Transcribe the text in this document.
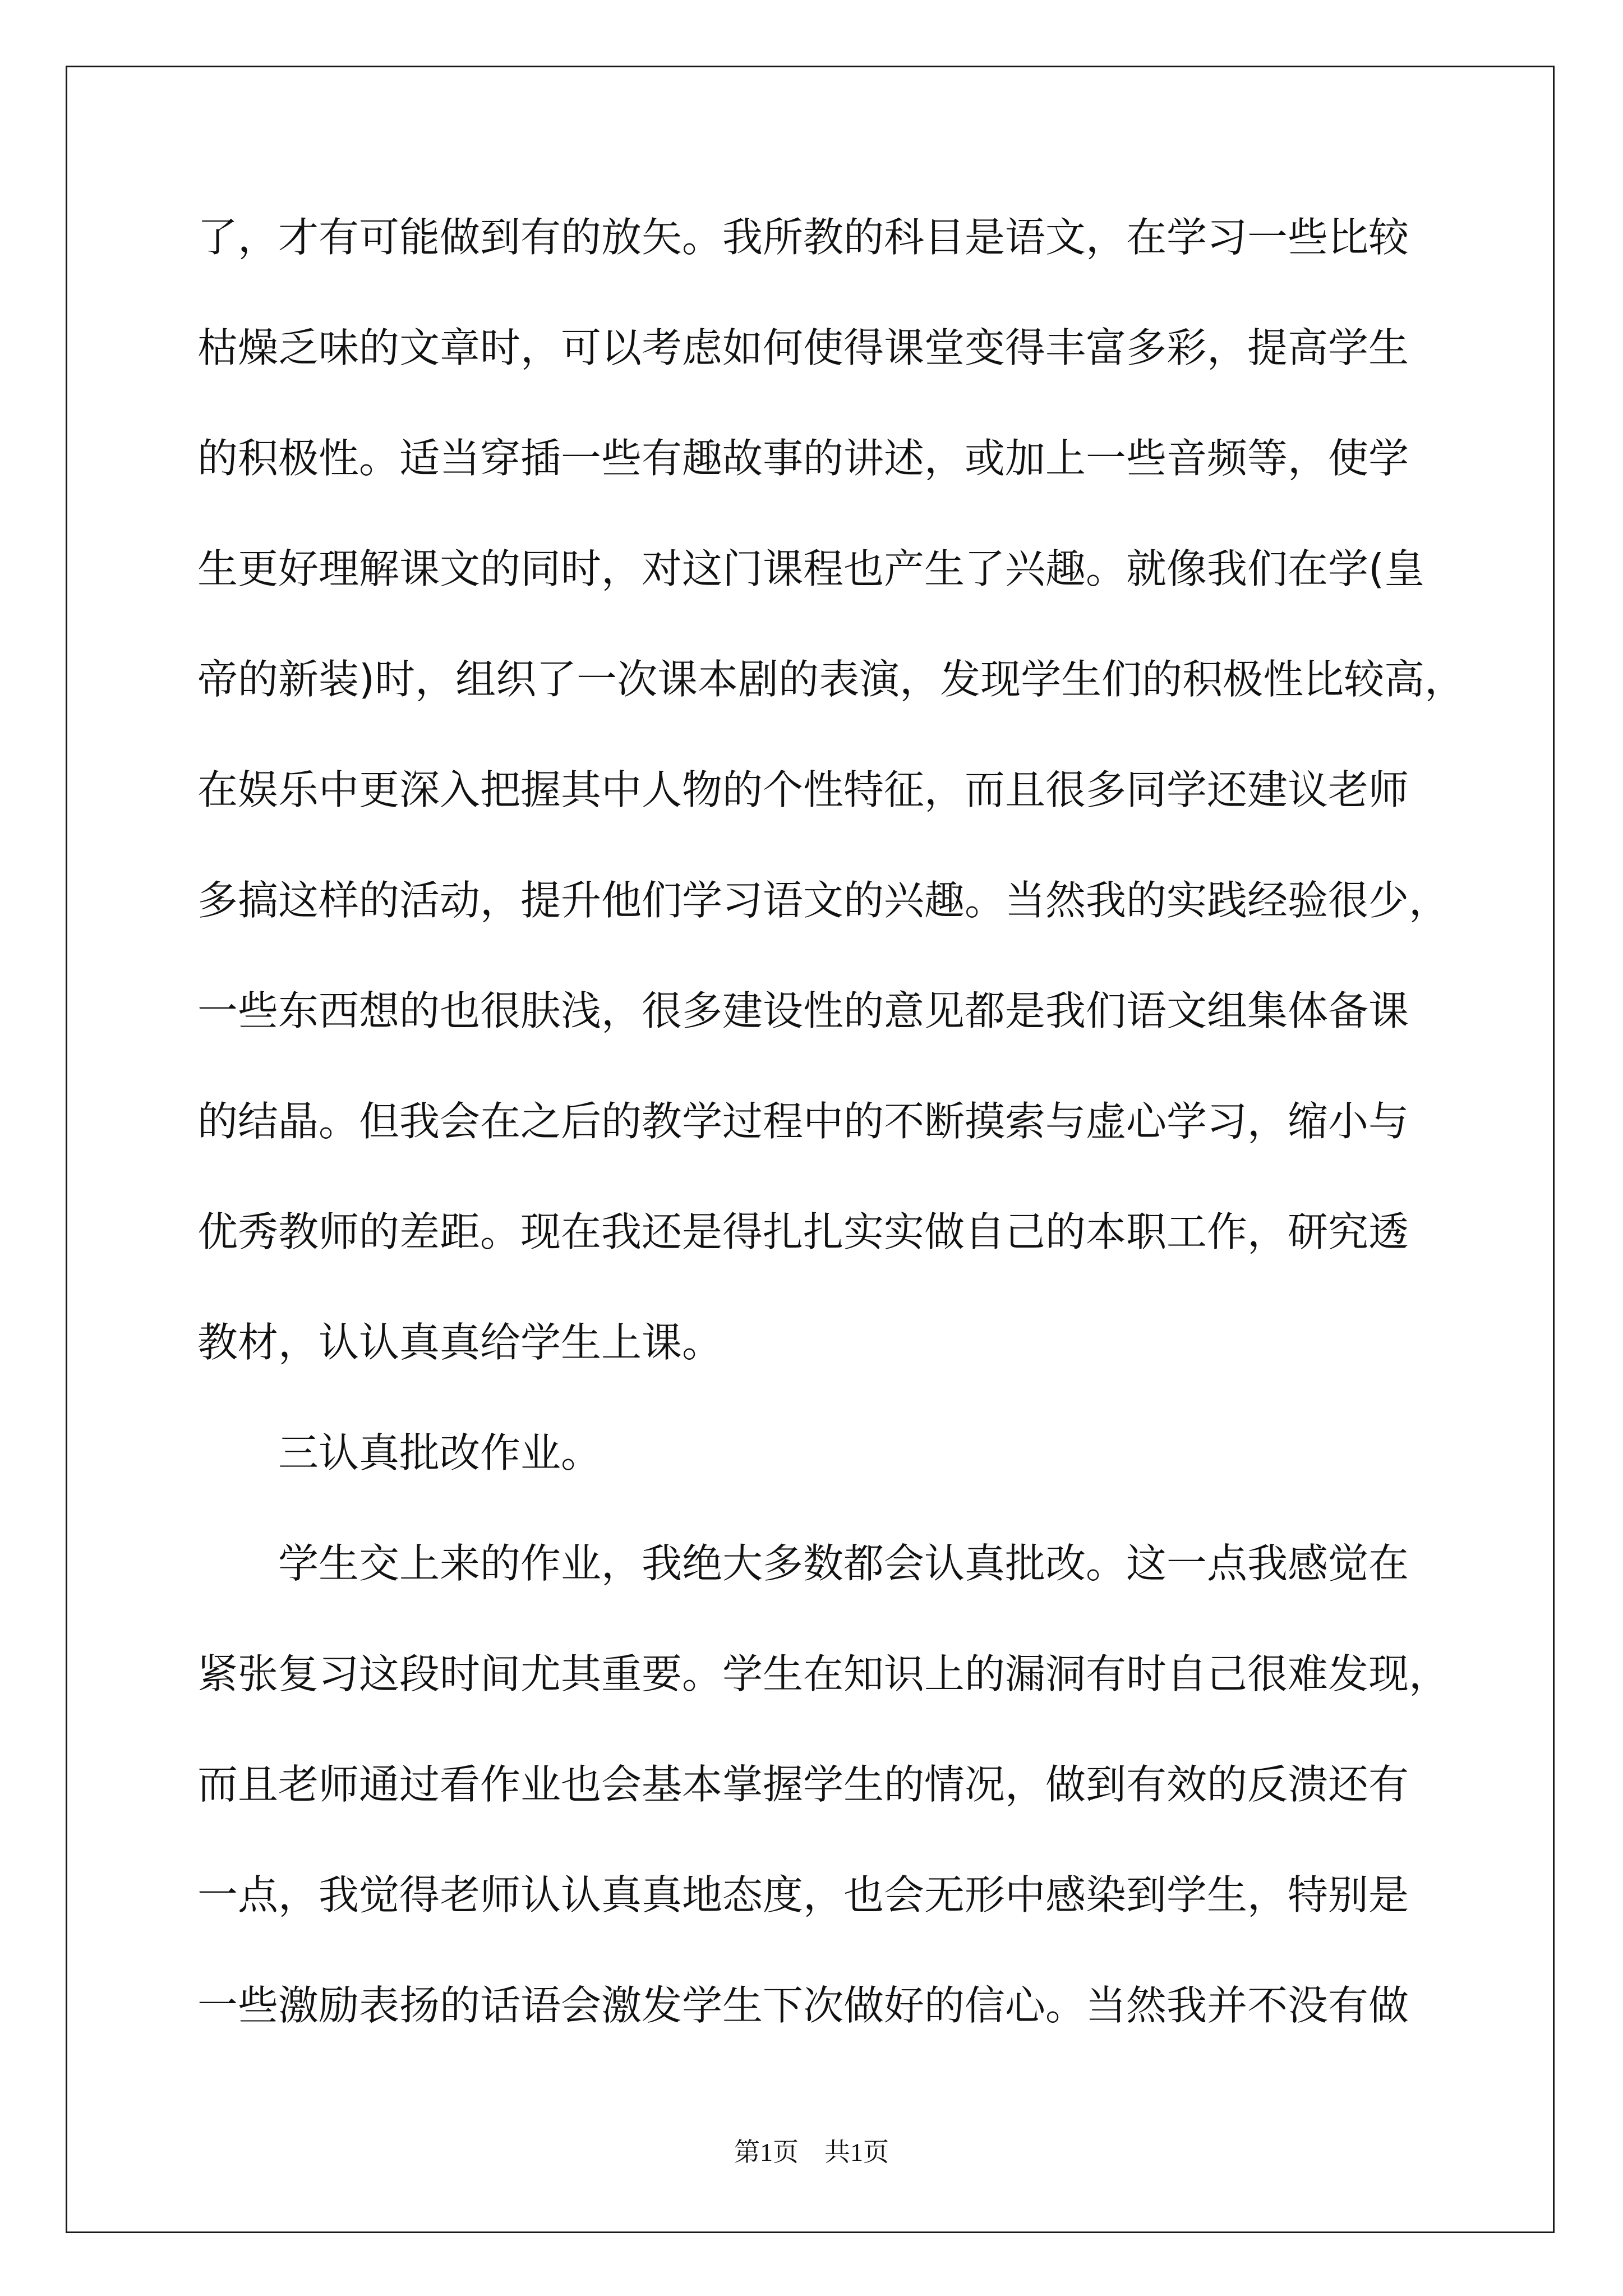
了，才有可能做到有的放矢。我所教的科目是语文，在学习一些比较

枯燥乏味的文章时，可以考虑如何使得课堂变得丰富多彩，提高学生

的积极性。适当穿插一些有趣故事的讲述，或加上一些音频等，使学

生更好理解课文的同时，对这门课程也产生了兴趣。就像我们在学(皇

帝的新装)时，组织了一次课本剧的表演，发现学生们的积极性比较高，

在娱乐中更深入把握其中人物的个性特征，而且很多同学还建议老师

多搞这样的活动，提升他们学习语文的兴趣。当然我的实践经验很少，

一些东西想的也很肤浅，很多建设性的意见都是我们语文组集体备课

的结晶。但我会在之后的教学过程中的不断摸索与虚心学习，缩小与

优秀教师的差距。现在我还是得扎扎实实做自己的本职工作，研究透

教材，认认真真给学生上课。

　　三认真批改作业。

　　学生交上来的作业，我绝大多数都会认真批改。这一点我感觉在

紧张复习这段时间尤其重要。学生在知识上的漏洞有时自己很难发现，

而且老师通过看作业也会基本掌握学生的情况，做到有效的反溃还有

一点，我觉得老师认认真真地态度，也会无形中感染到学生，特别是

一些激励表扬的话语会激发学生下次做好的信心。当然我并不没有做

第1页　共1页
